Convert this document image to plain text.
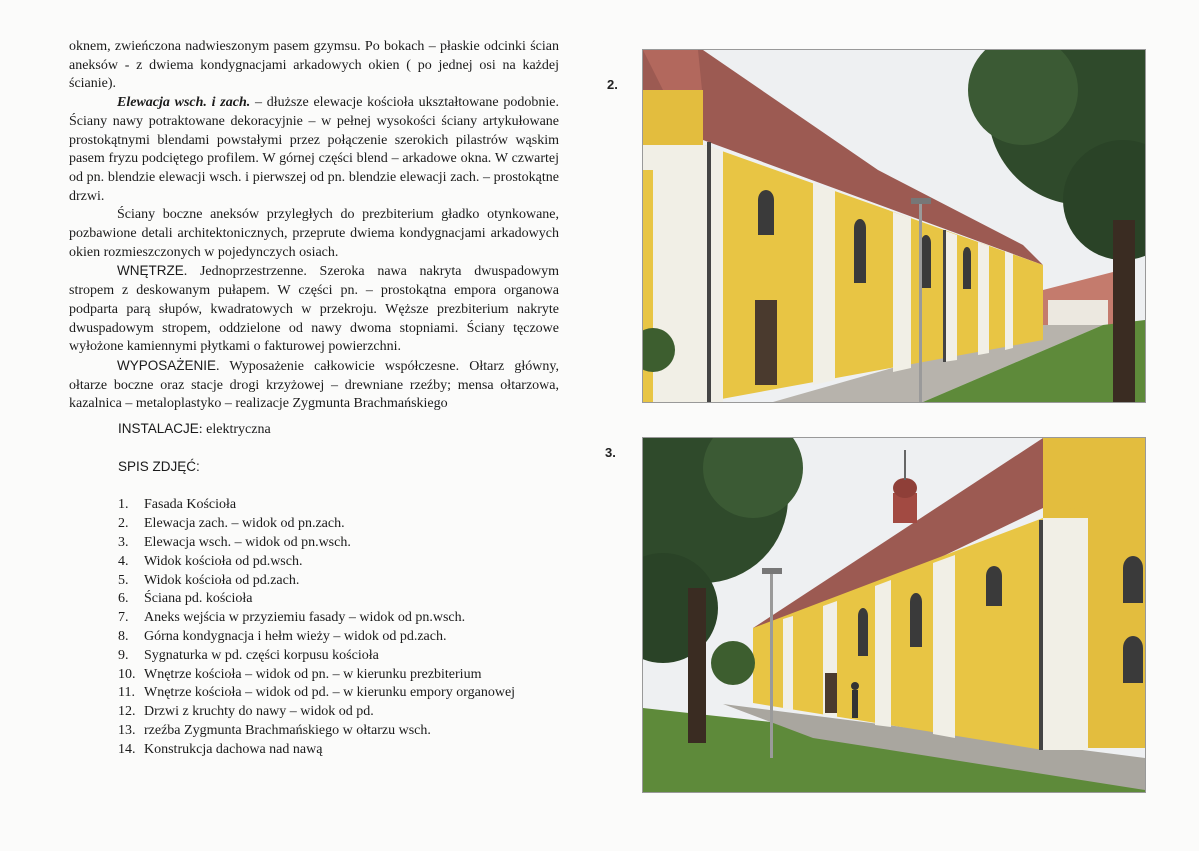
oknem, zwieńczona nadwieszonym pasem gzymsu. Po bokach – płaskie odcinki ścian aneksów - z dwiema kondygnacjami arkadowych okien ( po jednej osi na każdej ścianie).

Elewacja wsch. i zach. – dłuższe elewacje kościoła ukształtowane podobnie. Ściany nawy potraktowane dekoracyjnie – w pełnej wysokości ściany artykułowane prostokątnymi blendami powstałymi przez połączenie szerokich pilastrów wąskim pasem fryzu podciętego profilem. W górnej części blend – arkadowe okna. W czwartej od pn. blendzie elewacji wsch. i pierwszej od pn. blendzie elewacji zach. – prostokątne drzwi.

Ściany boczne aneksów przyległych do prezbiterium gładko otynkowane, pozbawione detali architektonicznych, przeprute dwiema kondygnacjami arkadowych okien rozmieszczonych w pojedynczych osiach.

WNĘTRZE. Jednoprzestrzenne. Szeroka nawa nakryta dwuspadowym stropem z deskowanym pułapem. W części pn. – prostokątna empora organowa podparta parą słupów, kwadratowych w przekroju. Węższe prezbiterium nakryte dwuspadowym stropem, oddzielone od nawy dwoma stopniami. Ściany tęczowe wyłożone kamiennymi płytkami o fakturowej powierzchni.

WYPOSAŻENIE. Wyposażenie całkowicie współczesne. Ołtarz główny, ołtarze boczne oraz stacje drogi krzyżowej – drewniane rzeźby; mensa ołtarzowa, kazalnica – metaloplastyko – realizacje Zygmunta Brachmańskiego

INSTALACJE: elektryczna

SPIS ZDJĘĆ:

1.	Fasada Kościoła
2.	Elewacja zach. – widok od pn.zach.
3.	Elewacja wsch. – widok od pn.wsch.
4.	Widok kościoła od pd.wsch.
5.	Widok kościoła od pd.zach.
6.	Ściana pd. kościoła
7.	Aneks wejścia w przyziemiu fasady – widok od pn.wsch.
8.	Górna kondygnacja i hełm wieży – widok od pd.zach.
9.	Sygnaturka w pd. części korpusu kościoła
10. Wnętrze kościoła – widok od pn. – w kierunku prezbiterium
11. Wnętrze kościoła – widok od pd. – w kierunku empory organowej
12. Drzwi z kruchty do nawy – widok od pd.
13. rzeźba Zygmunta Brachmańskiego w ołtarzu wsch.
14. Konstrukcja dachowa nad nawą
2.
3.
